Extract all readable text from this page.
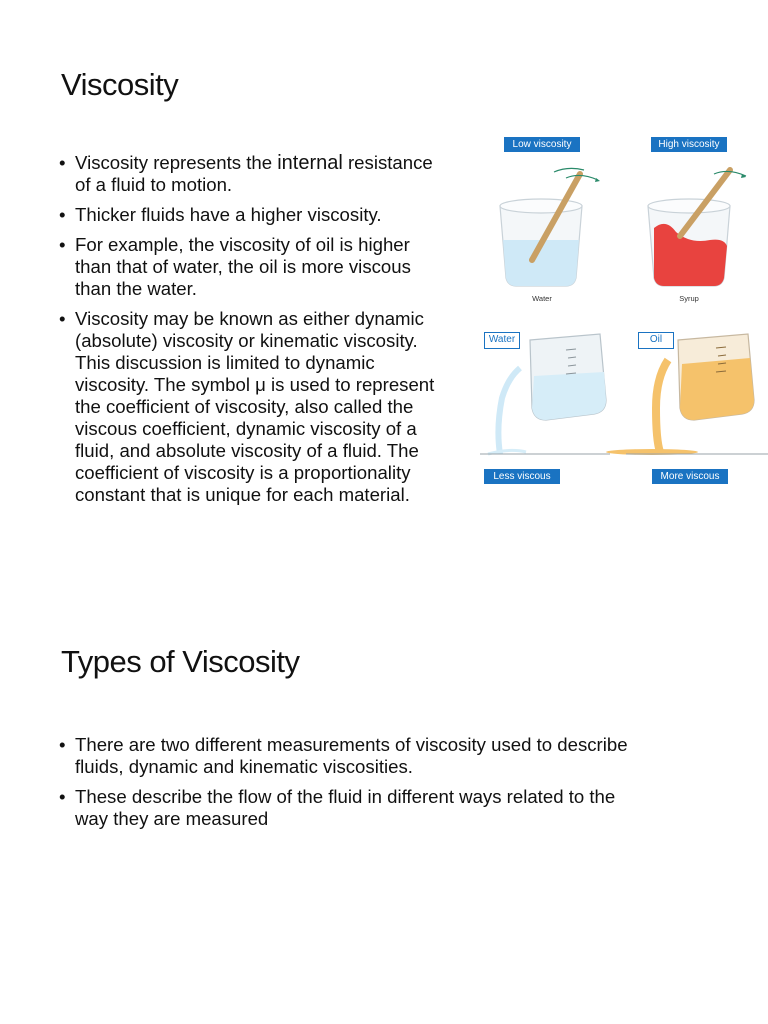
Viscosity
• Viscosity represents the internal resistance
of a fluid to motion.
• Thicker fluids have a higher viscosity.
• For example, the viscosity of oil is higher
than that of water, the oil is more viscous
than the water.
• Viscosity may be known as either dynamic
(absolute) viscosity or kinematic viscosity.
This discussion is limited to dynamic
viscosity. The symbol μ is used to represent
the coefficient of viscosity, also called the
viscous coefficient, dynamic viscosity of a
fluid, and absolute viscosity of a fluid. The
coefficient of viscosity is a proportionality
constant that is unique for each material.
Low viscosity	High viscosity
Water	Syrup
Water	Oil
Less viscous	More viscous
Types of Viscosity
• There are two different measurements of viscosity used to describe
fluids, dynamic and kinematic viscosities.
• These describe the flow of the fluid in different ways related to the
way they are measured
